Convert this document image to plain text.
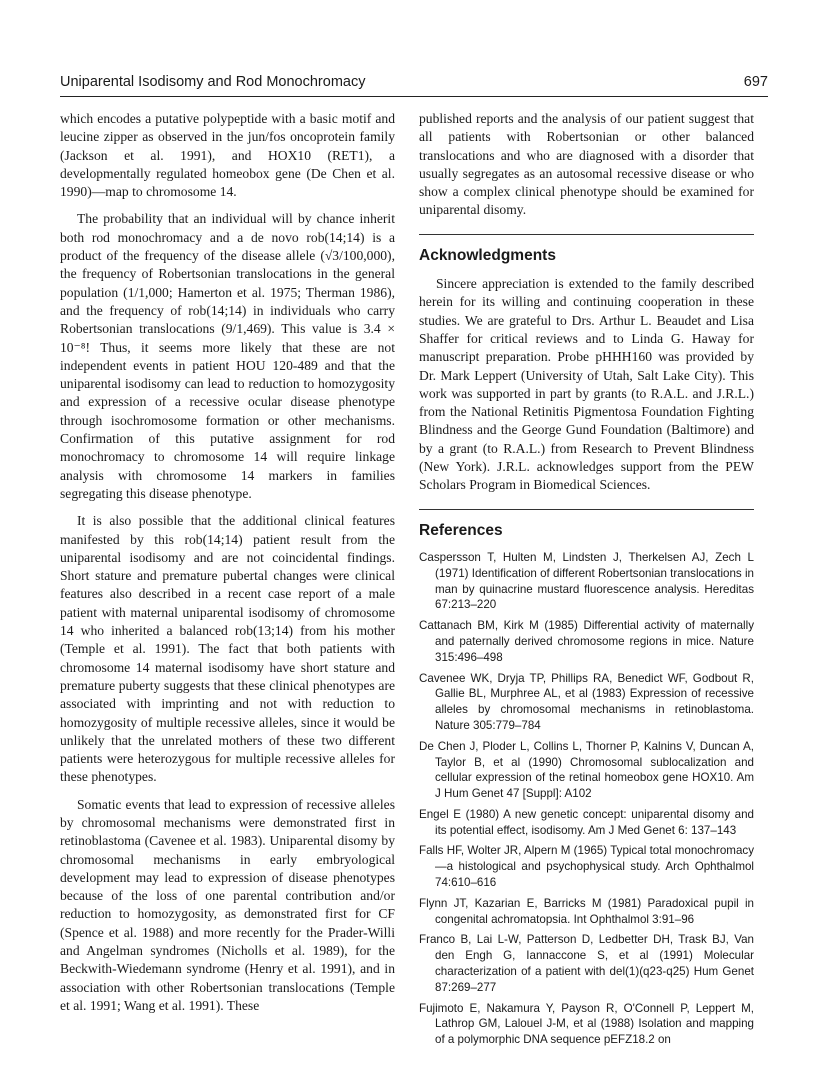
Uniparental Isodisomy and Rod Monochromacy	697

which encodes a putative polypeptide with a basic motif and leucine zipper as observed in the jun/fos oncoprotein family (Jackson et al. 1991), and HOX10 (RET1), a developmentally regulated homeobox gene (De Chen et al. 1990)—map to chromosome 14.

The probability that an individual will by chance inherit both rod monochromacy and a de novo rob(14;14) is a product of the frequency of the disease allele (√3/100,000), the frequency of Robertsonian translocations in the general population (1/1,000; Hamerton et al. 1975; Therman 1986), and the frequency of rob(14;14) in individuals who carry Robertsonian translocations (9/1,469). This value is 3.4 × 10⁻⁸! Thus, it seems more likely that these are not independent events in patient HOU 120-489 and that the uniparental isodisomy can lead to reduction to homozygosity and expression of a recessive ocular disease phenotype through isochromosome formation or other mechanisms. Confirmation of this putative assignment for rod monochromacy to chromosome 14 will require linkage analysis with chromosome 14 markers in families segregating this disease phenotype.

It is also possible that the additional clinical features manifested by this rob(14;14) patient result from the uniparental isodisomy and are not coincidental findings. Short stature and premature pubertal changes were clinical features also described in a recent case report of a male patient with maternal uniparental isodisomy of chromosome 14 who inherited a balanced rob(13;14) from his mother (Temple et al. 1991). The fact that both patients with chromosome 14 maternal isodisomy have short stature and premature puberty suggests that these clinical phenotypes are associated with imprinting and not with reduction to homozygosity of multiple recessive alleles, since it would be unlikely that the unrelated mothers of these two different patients were heterozygous for multiple recessive alleles for these phenotypes.

Somatic events that lead to expression of recessive alleles by chromosomal mechanisms were demonstrated first in retinoblastoma (Cavenee et al. 1983). Uniparental disomy by chromosomal mechanisms in early embryological development may lead to expression of disease phenotypes because of the loss of one parental contribution and/or reduction to homozygosity, as demonstrated first for CF (Spence et al. 1988) and more recently for the Prader-Willi and Angelman syndromes (Nicholls et al. 1989), for the Beckwith-Wiedemann syndrome (Henry et al. 1991), and in association with other Robertsonian translocations (Temple et al. 1991; Wang et al. 1991). These

published reports and the analysis of our patient suggest that all patients with Robertsonian or other balanced translocations and who are diagnosed with a disorder that usually segregates as an autosomal recessive disease or who show a complex clinical phenotype should be examined for uniparental disomy.

Acknowledgments

Sincere appreciation is extended to the family described herein for its willing and continuing cooperation in these studies. We are grateful to Drs. Arthur L. Beaudet and Lisa Shaffer for critical reviews and to Linda G. Haway for manuscript preparation. Probe pHHH160 was provided by Dr. Mark Leppert (University of Utah, Salt Lake City). This work was supported in part by grants (to R.A.L. and J.R.L.) from the National Retinitis Pigmentosa Foundation Fighting Blindness and the George Gund Foundation (Baltimore) and by a grant (to R.A.L.) from Research to Prevent Blindness (New York). J.R.L. acknowledges support from the PEW Scholars Program in Biomedical Sciences.

References
Caspersson T, Hulten M, Lindsten J, Therkelsen AJ, Zech L (1971) Identification of different Robertsonian translocations in man by quinacrine mustard fluorescence analysis. Hereditas 67:213–220
Cattanach BM, Kirk M (1985) Differential activity of maternally and paternally derived chromosome regions in mice. Nature 315:496–498
Cavenee WK, Dryja TP, Phillips RA, Benedict WF, Godbout R, Gallie BL, Murphree AL, et al (1983) Expression of recessive alleles by chromosomal mechanisms in retinoblastoma. Nature 305:779–784
De Chen J, Ploder L, Collins L, Thorner P, Kalnins V, Duncan A, Taylor B, et al (1990) Chromosomal sublocalization and cellular expression of the retinal homeobox gene HOX10. Am J Hum Genet 47 [Suppl]: A102
Engel E (1980) A new genetic concept: uniparental disomy and its potential effect, isodisomy. Am J Med Genet 6: 137–143
Falls HF, Wolter JR, Alpern M (1965) Typical total monochromacy—a histological and psychophysical study. Arch Ophthalmol 74:610–616
Flynn JT, Kazarian E, Barricks M (1981) Paradoxical pupil in congenital achromatopsia. Int Ophthalmol 3:91–96
Franco B, Lai L-W, Patterson D, Ledbetter DH, Trask BJ, Van den Engh G, Iannaccone S, et al (1991) Molecular characterization of a patient with del(1)(q23-q25) Hum Genet 87:269–277
Fujimoto E, Nakamura Y, Payson R, O'Connell P, Leppert M, Lathrop GM, Lalouel J-M, et al (1988) Isolation and mapping of a polymorphic DNA sequence pEFZ18.2 on
